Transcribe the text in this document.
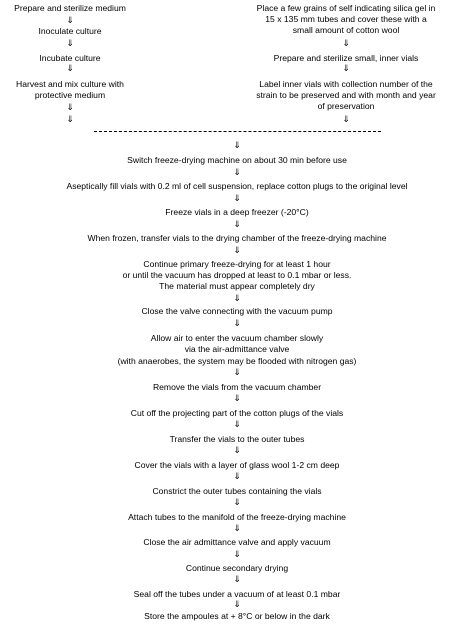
Prepare and sterilize medium
⇓
Inoculate culture
⇓
Incubate culture
⇓
Harvest and mix culture with
protective medium
⇓
⇓
Place a few grains of self indicating silica gel in
15 x 135 mm tubes and cover these with a
small amount of cotton wool
⇓
Prepare and sterilize small, inner vials
⇓
Label inner vials with collection number of the
strain to be preserved and with month and year
of preservation
⇓
⇓
Switch freeze-drying machine on about 30 min before use
⇓
Aseptically fill vials with 0.2 ml of cell suspension, replace cotton plugs to the original level
⇓
Freeze vials in a deep freezer (-20°C)
⇓
When frozen, transfer vials to the drying chamber of the freeze-drying machine
⇓
Continue primary freeze-drying for at least 1 hour
or until the vacuum has dropped at least to 0.1 mbar or less.
The material must appear completely dry
⇓
Close the valve connecting with the vacuum pump
⇓
Allow air to enter the vacuum chamber slowly
via the air-admittance valve
(with anaerobes, the system may be flooded with nitrogen gas)
⇓
Remove the vials from the vacuum chamber
⇓
Cut off the projecting part of the cotton plugs of the vials
⇓
Transfer the vials to the outer tubes
⇓
Cover the vials with a layer of glass wool 1-2 cm deep
⇓
Constrict the outer tubes containing the vials
⇓
Attach tubes to the manifold of the freeze-drying machine
⇓
Close the air admittance valve and apply vacuum
⇓
Continue secondary drying
⇓
Seal off the tubes under a vacuum of at least 0.1 mbar
⇓
Store the ampoules at + 8°C or below in the dark
